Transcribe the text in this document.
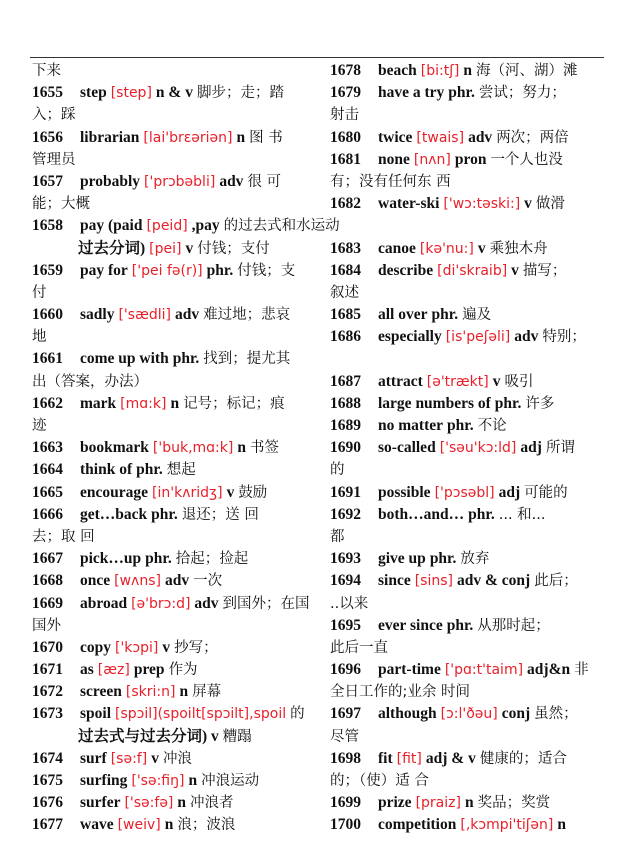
下来
1655 step [step] n & v 脚步；走；踏
入；踩
1656 librarian [lai'brɛəriən] n 图 书
管理员
1657 probably ['prɔbəbli] adv 很 可
能；大概
1658 pay (paid [peid] ,pay 的过去式和水运动
过去分词) [pei] v 付钱；支付
1659 pay for ['pei fə(r)] phr. 付钱；支
付
1660 sadly ['sædli] adv 难过地；悲哀
地
1661 come up with phr. 找到；提尤其
出（答案，办法）
1662 mark [mɑ:k] n 记号；标记；痕
迹
1663 bookmark ['buk,mɑ:k] n 书签
1664 think of phr. 想起
1665 encourage [in'kʌridʒ] v 鼓励
1666 get…back phr. 退还；送 回
去；取 回
1667 pick…up phr. 拾起；捡起
1668 once [wʌns] adv 一次
1669 abroad [ə'brɔ:d] adv 到国外；在国
国外
1670 copy ['kɔpi] v 抄写；
1671 as [æz] prep 作为
1672 screen [skri:n] n 屏幕
1673 spoil [spɔil](spoilt[spɔilt],spoil 的
过去式与过去分词) v 糟蹋
1674 surf [sə:f] v 冲浪
1675 surfing ['sə:fiŋ] n 冲浪运动
1676 surfer ['sə:fə] n 冲浪者
1677 wave [weiv] n 浪；波浪
1678 beach [bi:tʃ] n 海（河、湖）滩
1679 have a try phr. 尝试；努力；
射击
1680 twice [twais] adv 两次；两倍
1681 none [nʌn] pron 一个人也没
有；没有任何东 西
1682 water-ski ['wɔ:təski:] v 做滑
1683 canoe [kə'nu:] v 乘独木舟
1684 describe [di'skraib] v 描写；
叙述
1685 all over phr. 遍及
1686 especially [is'peʃəli] adv 特别；
1687 attract [ə'trækt] v 吸引
1688 large numbers of phr. 许多
1689 no matter phr. 不论
1690 so-called ['səu'kɔ:ld] adj 所谓
的
1691 possible ['pɔsəbl] adj 可能的
1692 both…and… phr. ... 和...
都
1693 give up phr. 放弃
1694 since [sins] adv & conj 此后；
..以来
1695 ever since phr. 从那时起；
此后一直
1696 part-time ['pɑ:t'taim] adj&n 非
全日工作的;业余 时间
1697 although [ɔ:l'ðəu] conj 虽然；
尽管
1698 fit [fit] adj & v 健康的；适合
的；（使）适 合
1699 prize [praiz] n 奖品；奖赏
1700 competition [,kɔmpi'tiʃən] n
